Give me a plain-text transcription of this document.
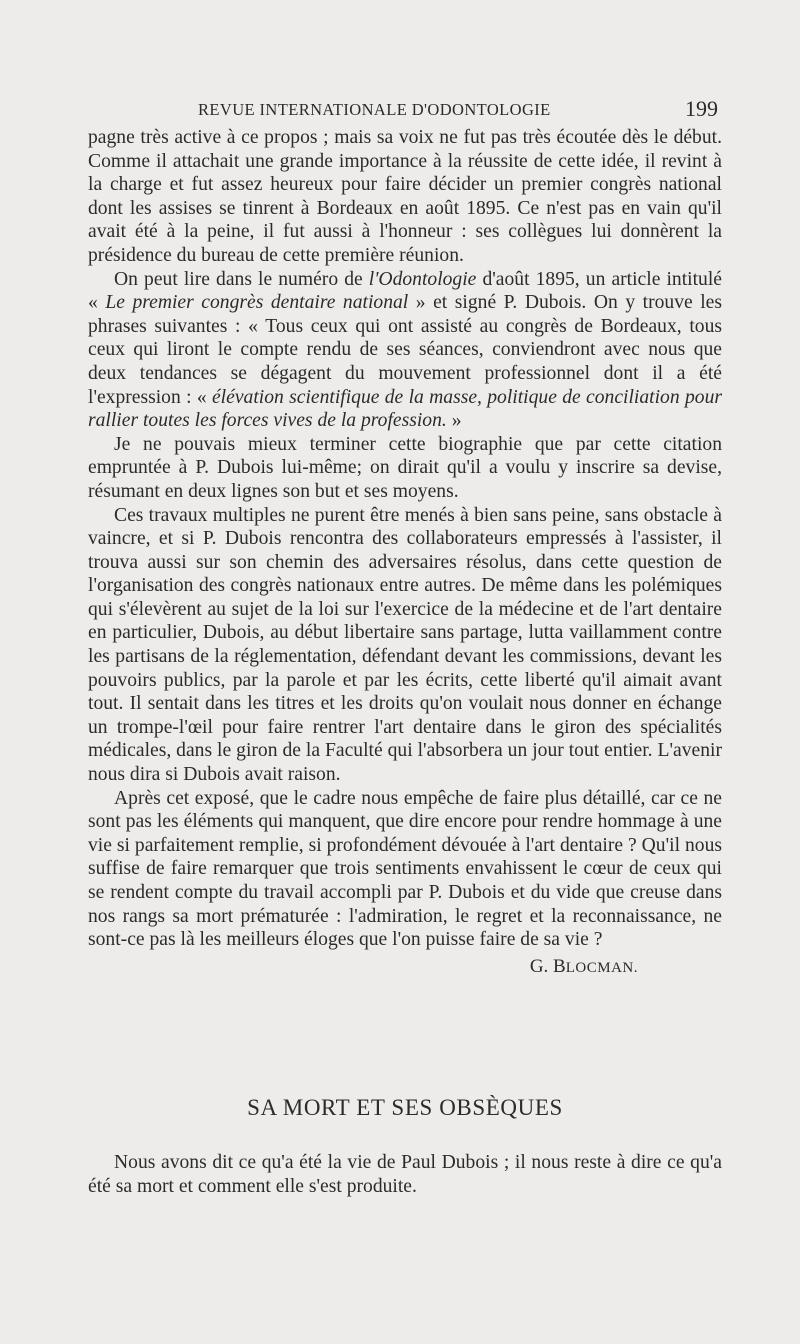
REVUE INTERNATIONALE D'ODONTOLOGIE	199

pagne très active à ce propos ; mais sa voix ne fut pas très écoutée dès le début. Comme il attachait une grande importance à la réussite de cette idée, il revint à la charge et fut assez heureux pour faire décider un premier congrès national dont les assises se tinrent à Bordeaux en août 1895. Ce n'est pas en vain qu'il avait été à la peine, il fut aussi à l'honneur : ses collègues lui donnèrent la présidence du bureau de cette première réunion.

On peut lire dans le numéro de l'Odontologie d'août 1895, un article intitulé « Le premier congrès dentaire national » et signé P. Dubois. On y trouve les phrases suivantes : « Tous ceux qui ont assisté au congrès de Bordeaux, tous ceux qui liront le compte rendu de ses séances, conviendront avec nous que deux tendances se dégagent du mouvement professionnel dont il a été l'expression : « élévation scientifique de la masse, politique de conciliation pour rallier toutes les forces vives de la profession. »

Je ne pouvais mieux terminer cette biographie que par cette citation empruntée à P. Dubois lui-même; on dirait qu'il a voulu y inscrire sa devise, résumant en deux lignes son but et ses moyens.

Ces travaux multiples ne purent être menés à bien sans peine, sans obstacle à vaincre, et si P. Dubois rencontra des collaborateurs empressés à l'assister, il trouva aussi sur son chemin des adversaires résolus, dans cette question de l'organisation des congrès nationaux entre autres. De même dans les polémiques qui s'élevèrent au sujet de la loi sur l'exercice de la médecine et de l'art dentaire en particulier, Dubois, au début libertaire sans partage, lutta vaillamment contre les partisans de la réglementation, défendant devant les commissions, devant les pouvoirs publics, par la parole et par les écrits, cette liberté qu'il aimait avant tout. Il sentait dans les titres et les droits qu'on voulait nous donner en échange un trompe-l'œil pour faire rentrer l'art dentaire dans le giron des spécialités médicales, dans le giron de la Faculté qui l'absorbera un jour tout entier. L'avenir nous dira si Dubois avait raison.

Après cet exposé, que le cadre nous empêche de faire plus détaillé, car ce ne sont pas les éléments qui manquent, que dire encore pour rendre hommage à une vie si parfaitement remplie, si profondément dévouée à l'art dentaire ? Qu'il nous suffise de faire remarquer que trois sentiments envahissent le cœur de ceux qui se rendent compte du travail accompli par P. Dubois et du vide que creuse dans nos rangs sa mort prématurée : l'admiration, le regret et la reconnaissance, ne sont-ce pas là les meilleurs éloges que l'on puisse faire de sa vie ?

G. BLOCMAN.
SA MORT ET SES OBSÈQUES

Nous avons dit ce qu'a été la vie de Paul Dubois ; il nous reste à dire ce qu'a été sa mort et comment elle s'est produite.
